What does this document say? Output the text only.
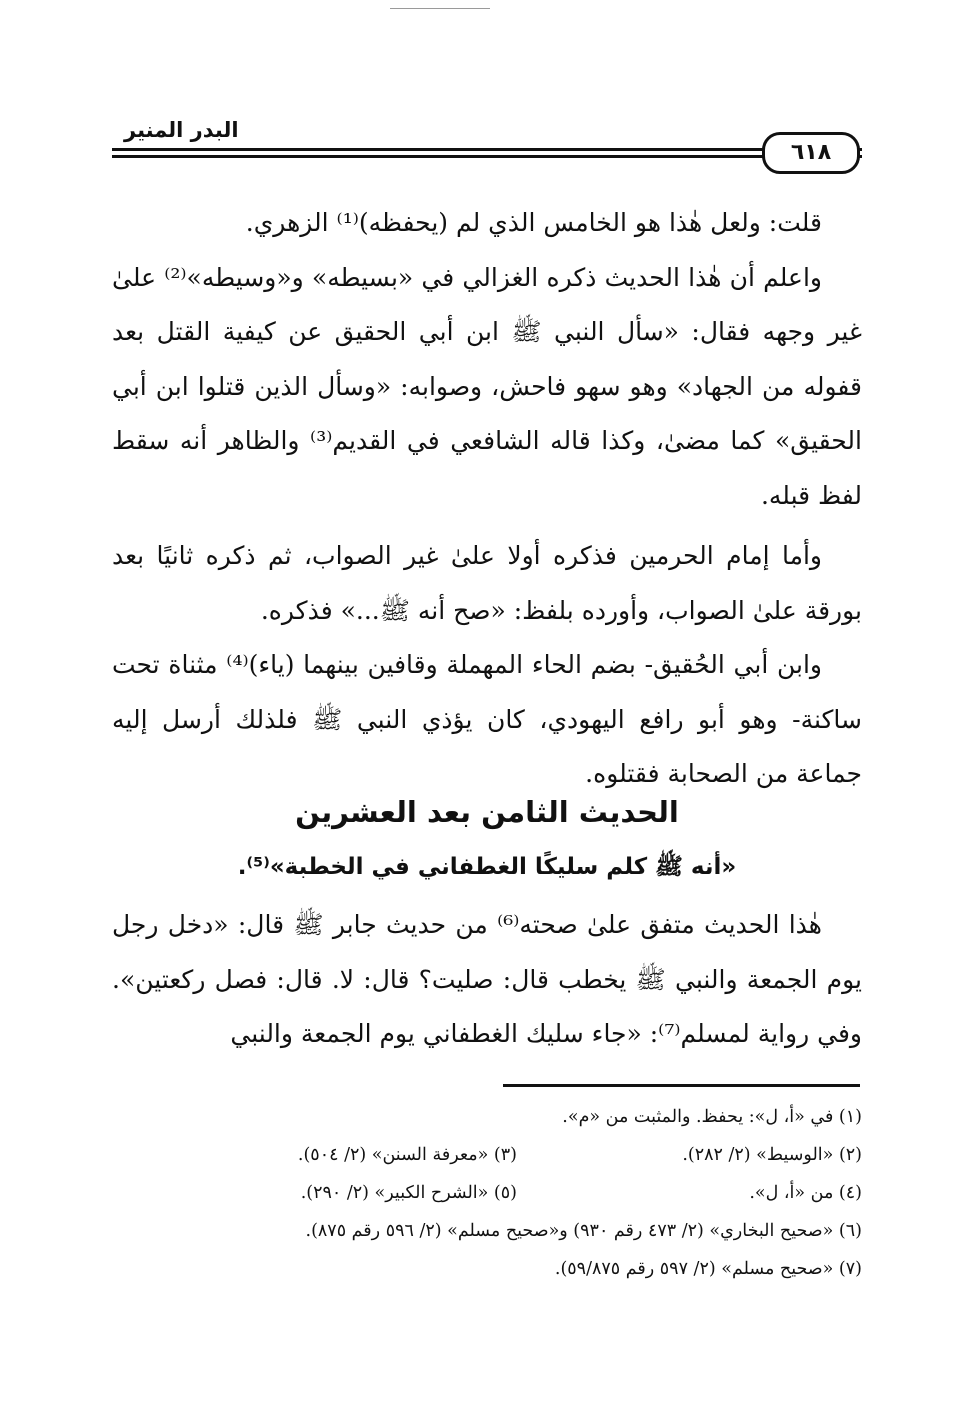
البدر المنير
٦١٨

قلت: ولعل هٰذا هو الخامس الذي لم (يحفظه)⁽¹⁾ الزهري.

واعلم أن هٰذا الحديث ذكره الغزالي في «بسيطه» و«وسيطه»⁽²⁾ علىٰ غير وجهه فقال: «سأل النبي ﷺ ابن أبي الحقيق عن كيفية القتل بعد قفوله من الجهاد» وهو سهو فاحش، وصوابه: «وسأل الذين قتلوا ابن أبي الحقيق» كما مضىٰ، وكذا قاله الشافعي في القديم⁽³⁾ والظاهر أنه سقط لفظ قبله.

وأما إمام الحرمين فذكره أولا علىٰ غير الصواب، ثم ذكره ثانيًا بعد بورقة علىٰ الصواب، وأورده بلفظ: «صح أنه ﷺ...» فذكره.

وابن أبي الحُقيق- بضم الحاء المهملة وقافين بينهما (ياء)⁽⁴⁾ مثناة تحت ساكنة- وهو أبو رافع اليهودي، كان يؤذي النبي ﷺ فلذلك أرسل إليه جماعة من الصحابة فقتلوه.

الحديث الثامن بعد العشرين
«أنه ﷺ كلم سليكًا الغطفاني في الخطبة»⁽⁵⁾.

هٰذا الحديث متفق علىٰ صحته⁽⁶⁾ من حديث جابر ﷺ قال: «دخل رجل يوم الجمعة والنبي ﷺ يخطب قال: صليت؟ قال: لا. قال: فصل ركعتين». وفي رواية لمسلم⁽⁷⁾: «جاء سليك الغطفاني يوم الجمعة والنبي

(١) في «أ، ل»: يحفظ. والمثبت من «م».
(٢) «الوسيط» (٢/ ٢٨٢).
(٣) «معرفة السنن» (٢/ ٥٠٤).
(٤) من «أ، ل».
(٥) «الشرح الكبير» (٢/ ٢٩٠).
(٦) «صحيح البخاري» (٢/ ٤٧٣ رقم ٩٣٠) و«صحيح مسلم» (٢/ ٥٩٦ رقم ٨٧٥).
(٧) «صحيح مسلم» (٢/ ٥٩٧ رقم ٥٩/٨٧٥).
